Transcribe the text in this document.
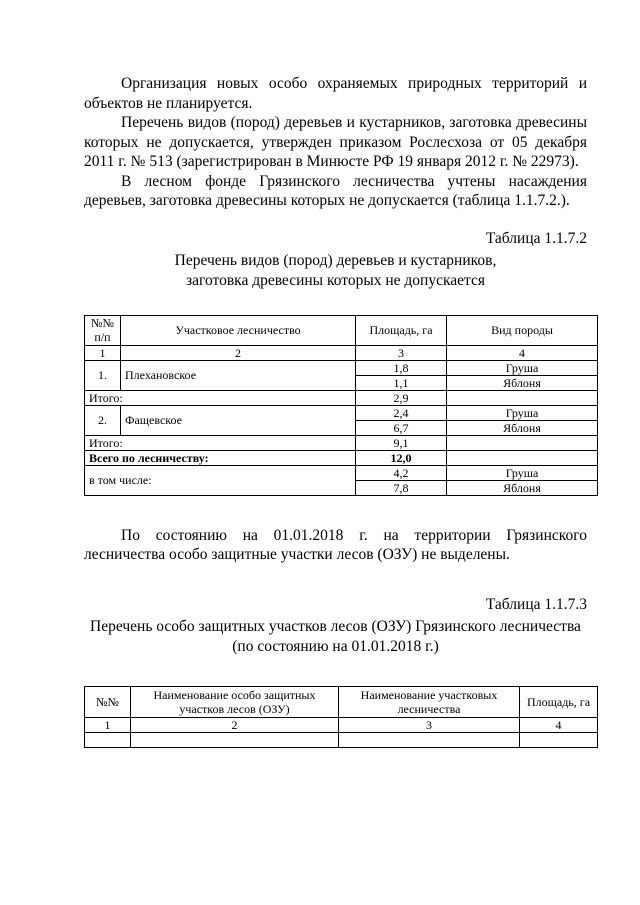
Организация новых особо охраняемых природных территорий и объектов не планируется.

Перечень видов (пород) деревьев и кустарников, заготовка древесины которых не допускается, утвержден приказом Рослесхоза от 05 декабря 2011 г. № 513 (зарегистрирован в Минюсте РФ 19 января 2012 г. № 22973).

В лесном фонде Грязинского лесничества учтены насаждения деревьев, заготовка древесины которых не допускается (таблица 1.1.7.2.).

Таблица 1.1.7.2
Перечень видов (пород) деревьев и кустарников,
заготовка древесины которых не допускается
№№ п/п	Участковое лесничество	Площадь, га	Вид породы
1	2	3	4
1.	Плехановское	1,8	Груша
		1,1	Яблоня
Итого:		2,9	
2.	Фащевское	2,4	Груша
		6,7	Яблоня
Итого:		9,1	
Всего по лесничеству:		12,0	
в том числе:		4,2	Груша
		7,8	Яблоня

По состоянию на 01.01.2018 г. на территории Грязинского лесничества особо защитные участки лесов (ОЗУ) не выделены.

Таблица 1.1.7.3
Перечень особо защитных участков лесов (ОЗУ) Грязинского лесничества
(по состоянию на 01.01.2018 г.)
№№	Наименование особо защитных участков лесов (ОЗУ)	Наименование участковых лесничества	Площадь, га
1	2	3	4
